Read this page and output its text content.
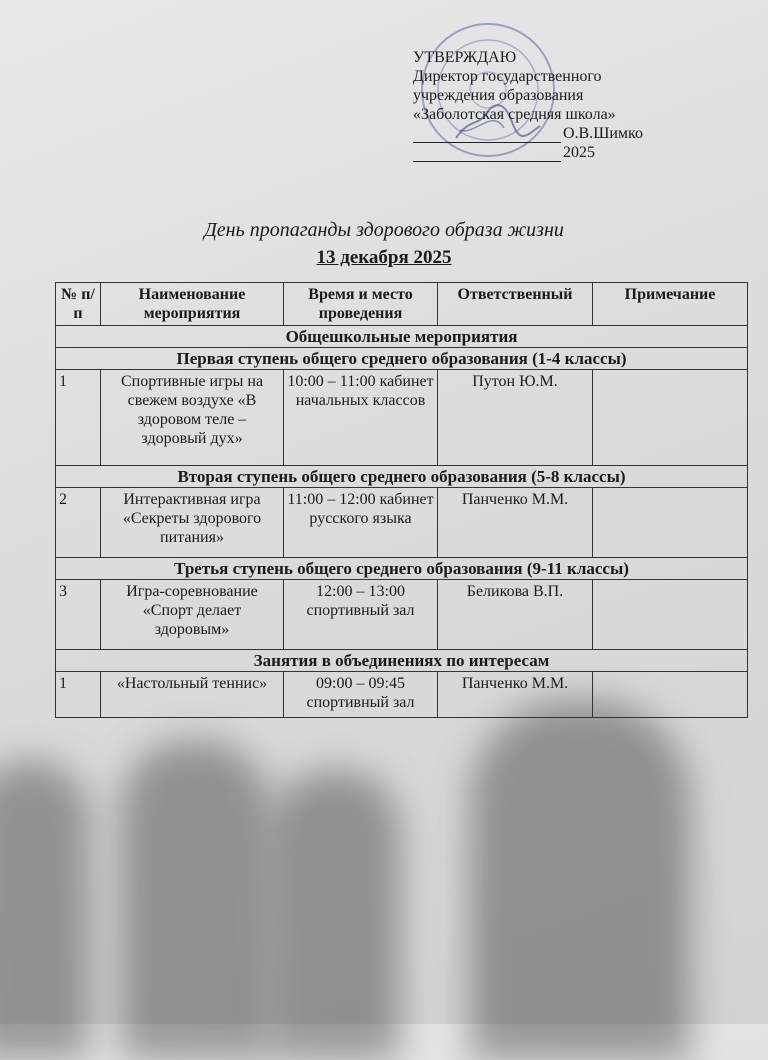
УТВЕРЖДАЮ
Директор государственного
учреждения образования
«Заболотская средняя школа»
О.В.Шимко
2025
День пропаганды здорового образа жизни
13 декабря 2025
№ п/п	Наименование мероприятия	Время и место проведения	Ответственный	Примечание
Общешкольные мероприятия				
Первая ступень общего среднего образования (1-4 классы)				
1	Спортивные игры на свежем воздухе «В здоровом теле – здоровый дух»	10:00 – 11:00 кабинет начальных классов	Путон Ю.М.	
Вторая ступень общего среднего образования (5-8 классы)				
2	Интерактивная игра «Секреты здорового питания»	11:00 – 12:00 кабинет русского языка	Панченко М.М.	
Третья ступень общего среднего образования (9-11 классы)				
3	Игра-соревнование «Спорт делает здоровым»	12:00 – 13:00 спортивный зал	Беликова В.П.	
Занятия в объединениях по интересам				
1	«Настольный теннис»	09:00 – 09:45 спортивный зал	Панченко М.М.	
